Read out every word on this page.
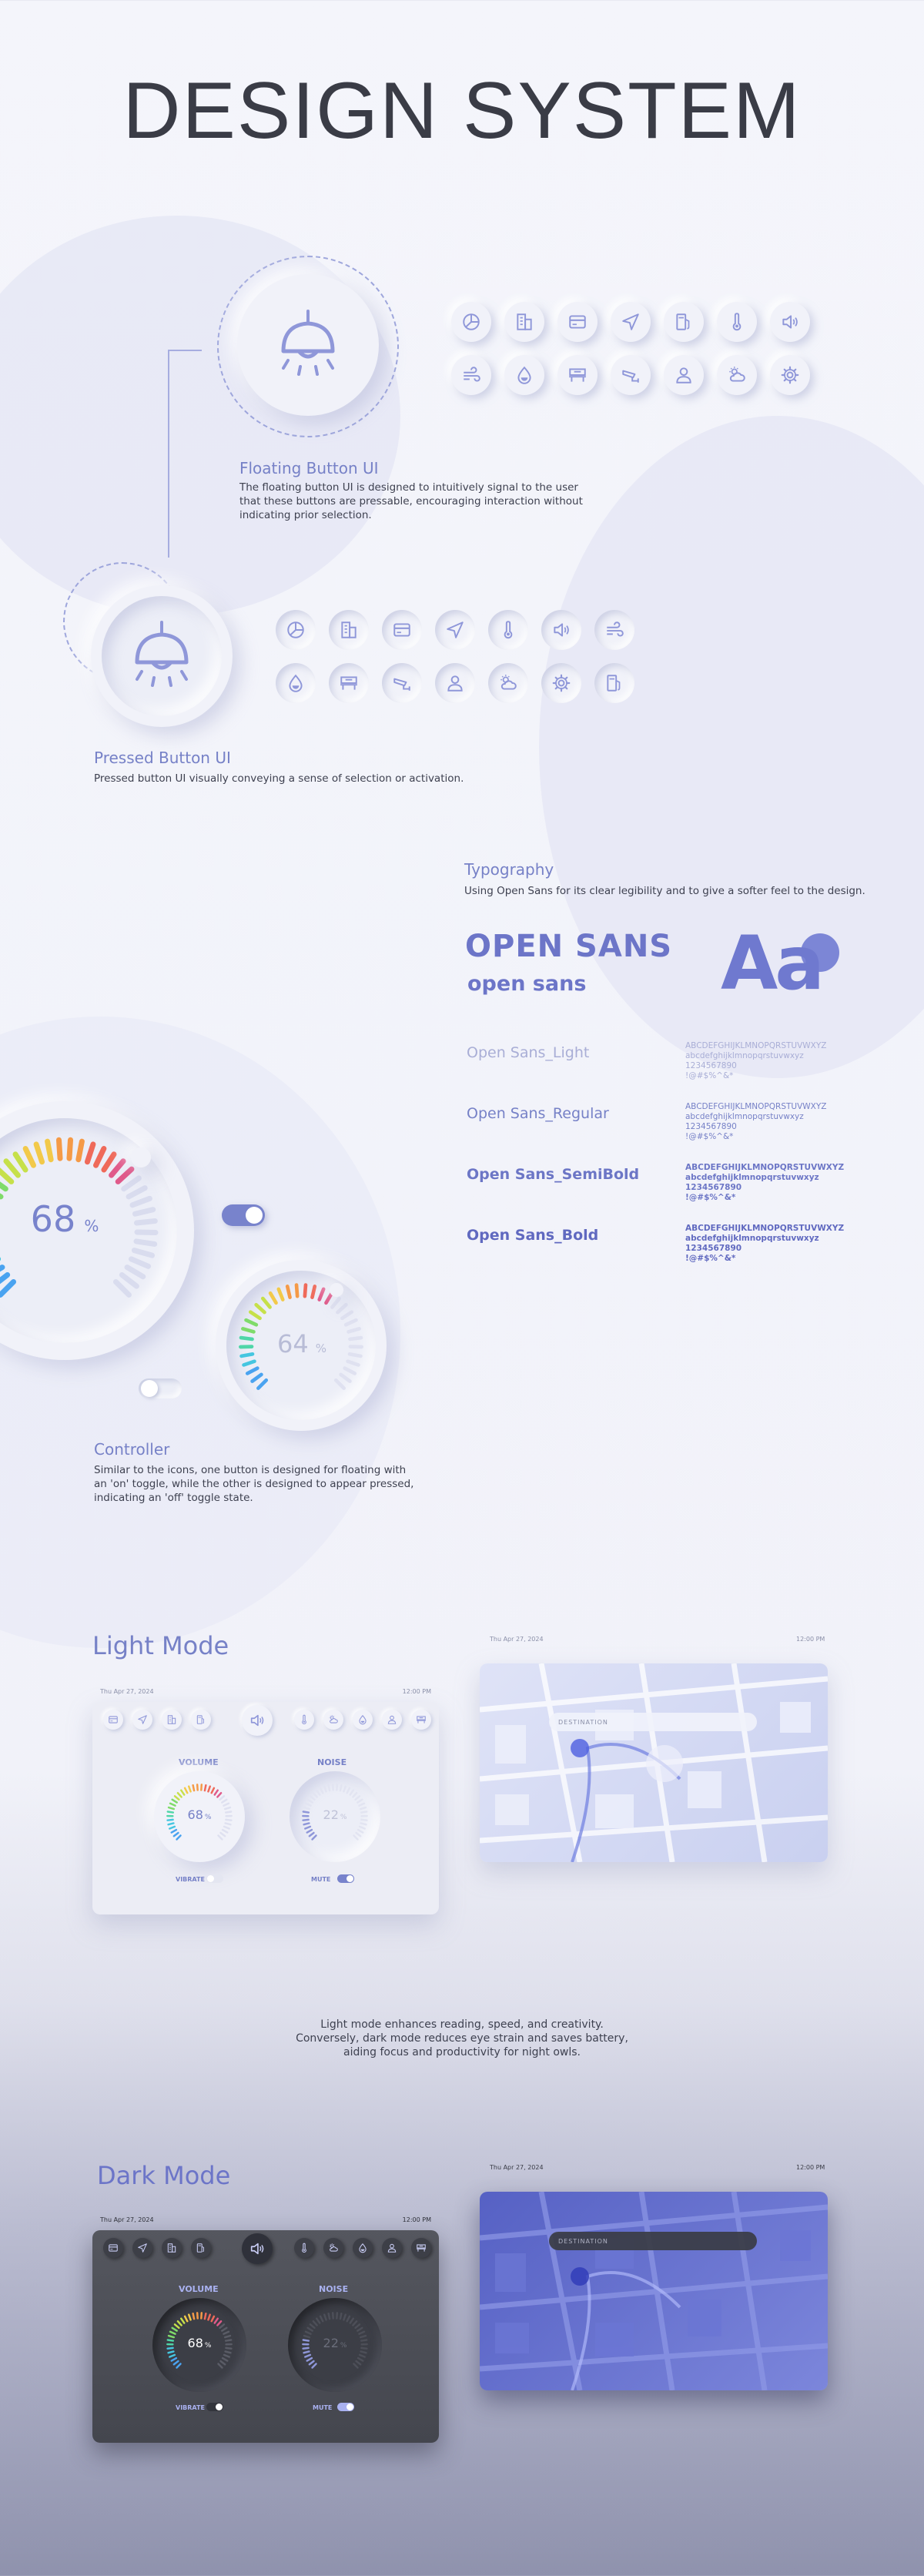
DESIGN SYSTEM
Floating Button UI
The floating button UI is designed to intuitively signal to the user
that these buttons are pressable, encouraging interaction without
indicating prior selection.
Pressed Button UI
Pressed button UI visually conveying a sense of selection or activation.
Typography
Using Open Sans for its clear legibility and to give a softer feel to the design.
OPEN SANS
open sans Aa
Open Sans_Light	ABCDEFGHIJKLMNOPQRSTUVWXYZ
abcdefghijklmnopqrstuvwxyz
1234567890
!@#$%^&*
Open Sans_Regular	ABCDEFGHIJKLMNOPQRSTUVWXYZ
abcdefghijklmnopqrstuvwxyz
1234567890
!@#$%^&*
Open Sans_SemiBold	ABCDEFGHIJKLMNOPQRSTUVWXYZ
abcdefghijklmnopqrstuvwxyz
1234567890
!@#$%^&*
Open Sans_Bold	ABCDEFGHIJKLMNOPQRSTUVWXYZ
abcdefghijklmnopqrstuvwxyz
1234567890
!@#$%^&*
68 %
64 %
Controller
Similar to the icons, one button is designed for floating with
an 'on' toggle, while the other is designed to appear pressed,
indicating an 'off' toggle state.
Light Mode
Thu Apr 27, 2024	12:00 PM
VOLUME	NOISE
68 %	22 %
VIBRATE	MUTE
DESTINATION
Thu Apr 27, 2024	12:00 PM
Light mode enhances reading, speed, and creativity.
Conversely, dark mode reduces eye strain and saves battery,
aiding focus and productivity for night owls.
Dark Mode
Thu Apr 27, 2024	12:00 PM
VOLUME	NOISE
68 %	22 %
VIBRATE	MUTE
DESTINATION
Thu Apr 27, 2024	12:00 PM
